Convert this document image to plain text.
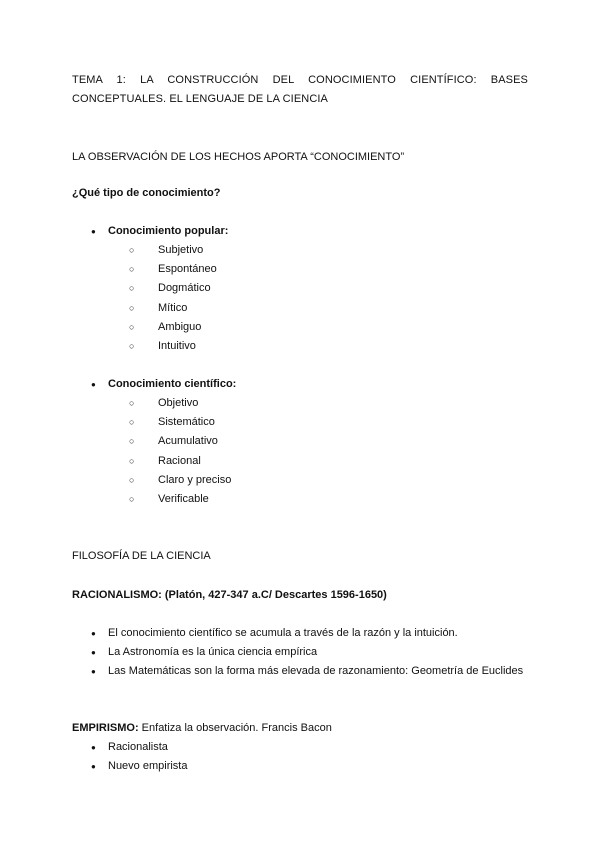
TEMA 1: LA CONSTRUCCIÓN DEL CONOCIMIENTO CIENTÍFICO: BASES
CONCEPTUALES. EL LENGUAJE DE LA CIENCIA
LA OBSERVACIÓN DE LOS HECHOS APORTA “CONOCIMIENTO”
¿Qué tipo de conocimiento?
● Conocimiento popular:
○ Subjetivo
○ Espontáneo
○ Dogmático
○ Mítico
○ Ambiguo
○ Intuitivo
● Conocimiento científico:
○ Objetivo
○ Sistemático
○ Acumulativo
○ Racional
○ Claro y preciso
○ Verificable
FILOSOFÍA DE LA CIENCIA
RACIONALISMO: (Platón, 427-347 a.C/ Descartes 1596-1650)
● El conocimiento científico se acumula a través de la razón y la intuición.
● La Astronomía es la única ciencia empírica
● Las Matemáticas son la forma más elevada de razonamiento: Geometría de Euclides
EMPIRISMO: Enfatiza la observación. Francis Bacon
● Racionalista
● Nuevo empirista
